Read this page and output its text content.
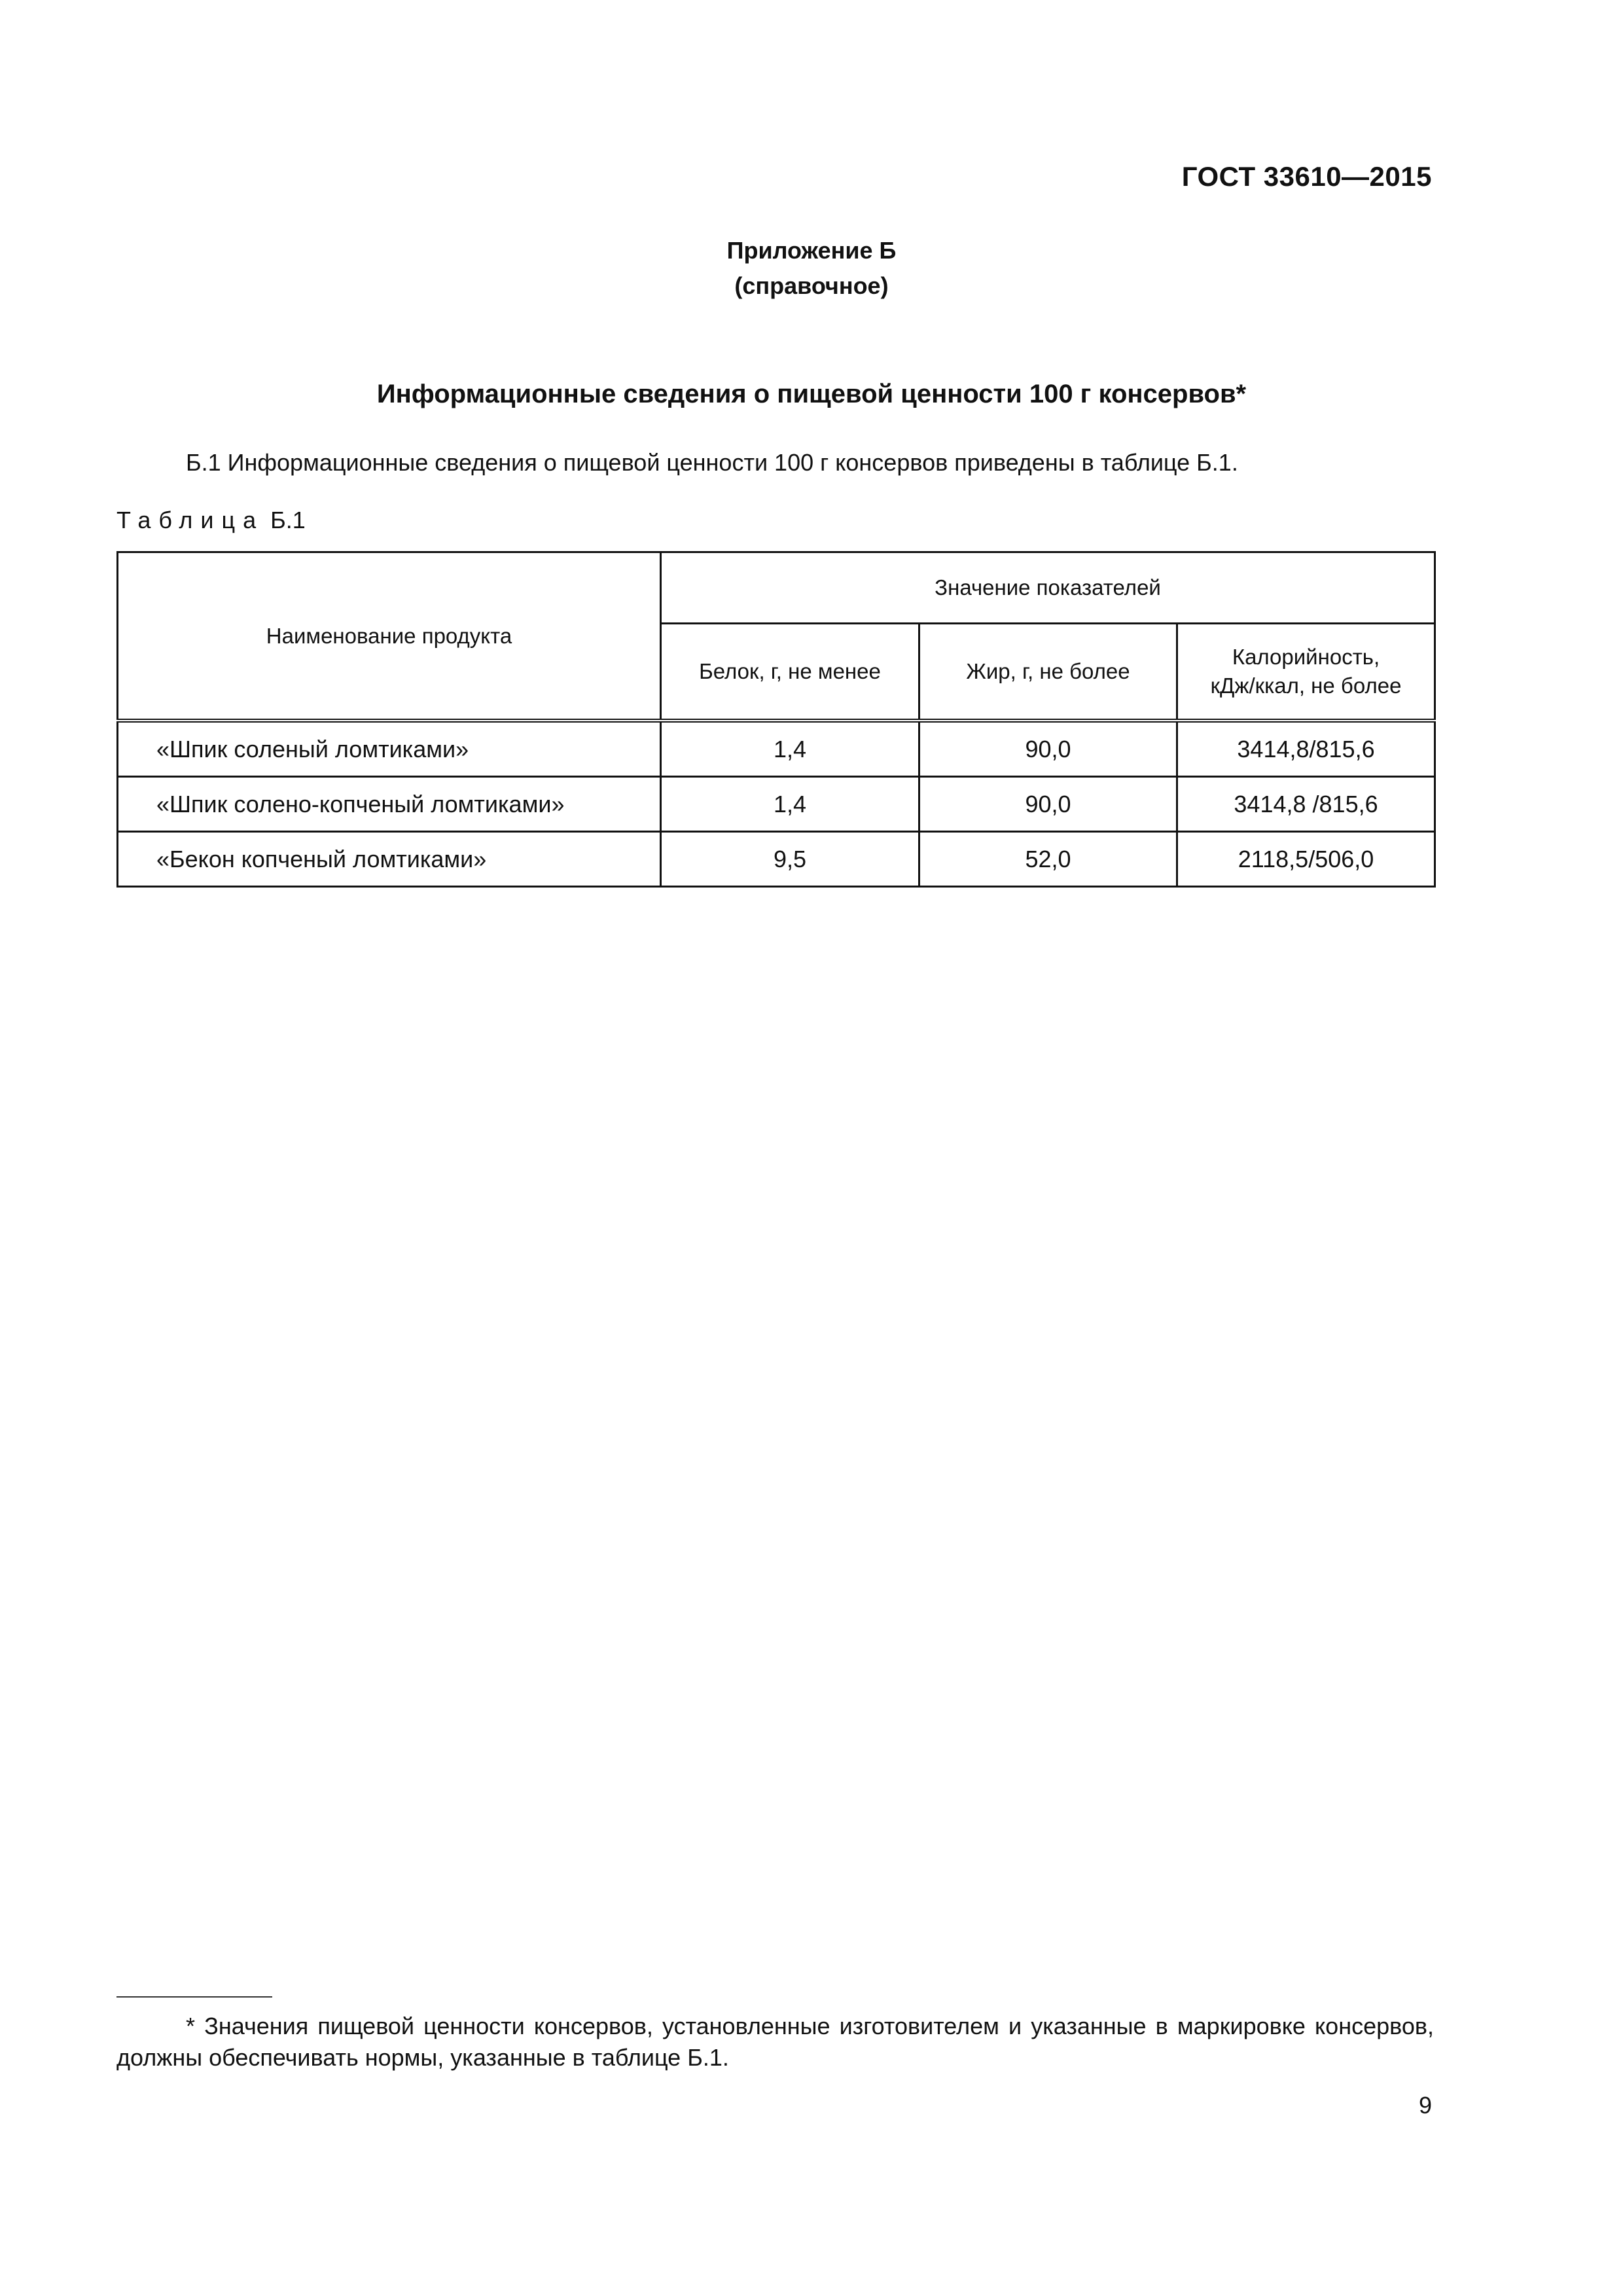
ГОСТ 33610—2015
Приложение Б
(справочное)
Информационные сведения о пищевой ценности 100 г консервов*
Б.1 Информационные сведения о пищевой ценности 100 г консервов приведены в таблице Б.1.
Таблица Б.1
Наименование продукта	Значение показателей		
	Белок, г, не менее	Жир, г, не более	Калорийность,
кДж/ккал, не более
«Шпик соленый ломтиками»	1,4	90,0	3414,8/815,6
«Шпик солено-копченый ломтиками»	1,4	90,0	3414,8 /815,6
«Бекон копченый ломтиками»	9,5	52,0	2118,5/506,0
* Значения пищевой ценности консервов, установленные изготовителем и указанные в маркировке консервов, должны обеспечивать нормы, указанные в таблице Б.1.
9
